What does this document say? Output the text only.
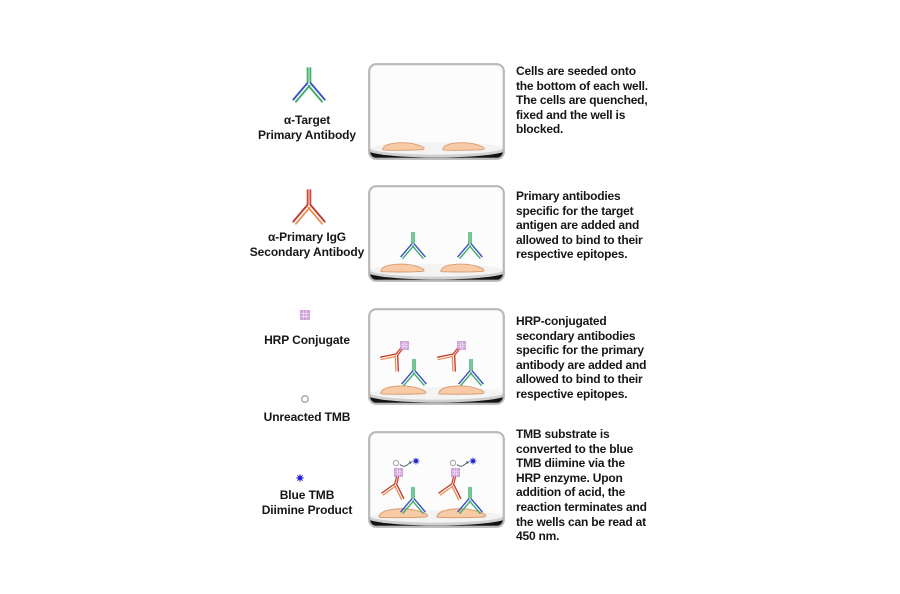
α-Target
Primary Antibody
Cells are seeded onto
the bottom of each well.
The cells are quenched,
fixed and the well is
blocked.
α-Primary IgG
Secondary Antibody
Primary antibodies
specific for the target
antigen are added and
allowed to bind to their
respective epitopes.
HRP Conjugate
HRP-conjugated
secondary antibodies
specific for the primary
antibody are added and
allowed to bind to their
respective epitopes.
Unreacted TMB
Blue TMB
Diimine Product
TMB substrate is
converted to the blue
TMB diimine via the
HRP enzyme. Upon
addition of acid, the
reaction terminates and
the wells can be read at
450 nm.
